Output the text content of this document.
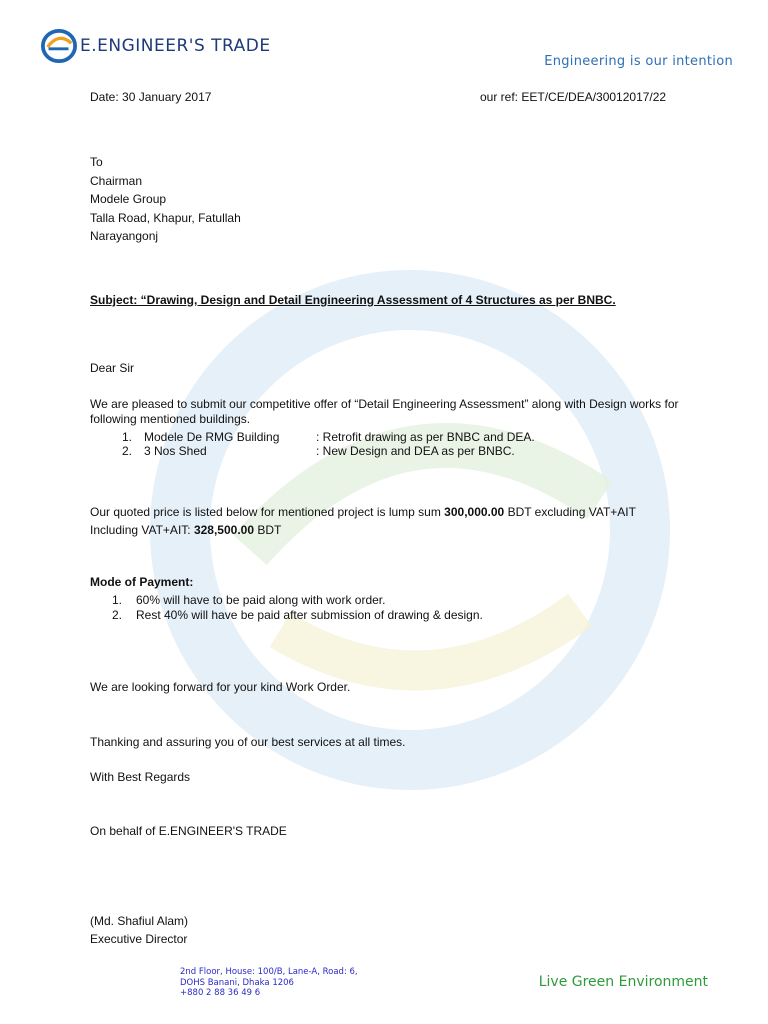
E.ENGINEER'S TRADE
Engineering is our intention
Date: 30 January 2017	our ref: EET/CE/DEA/30012017/22
To
Chairman
Modele Group
Talla Road, Khapur, Fatullah
Narayangonj
Subject: “Drawing, Design and Detail Engineering Assessment of 4 Structures as per BNBC.
Dear Sir
We are pleased to submit our competitive offer of “Detail Engineering Assessment” along with Design works for following mentioned buildings.
1. Modele De RMG Building	: Retrofit drawing as per BNBC and DEA.
2. 3 Nos Shed	: New Design and DEA as per BNBC.
Our quoted price is listed below for mentioned project is lump sum 300,000.00 BDT excluding VAT+AIT
Including VAT+AIT: 328,500.00 BDT
Mode of Payment:
1.	60% will have to be paid along with work order.
2.	Rest 40% will have be paid after submission of drawing & design.
We are looking forward for your kind Work Order.
Thanking and assuring you of our best services at all times.
With Best Regards
On behalf of E.ENGINEER'S TRADE
(Md. Shafiul Alam)
Executive Director
2nd Floor, House: 100/B, Lane-A, Road: 6,
DOHS Banani, Dhaka 1206
+880 2 88 36 49 6
Live Green Environment
